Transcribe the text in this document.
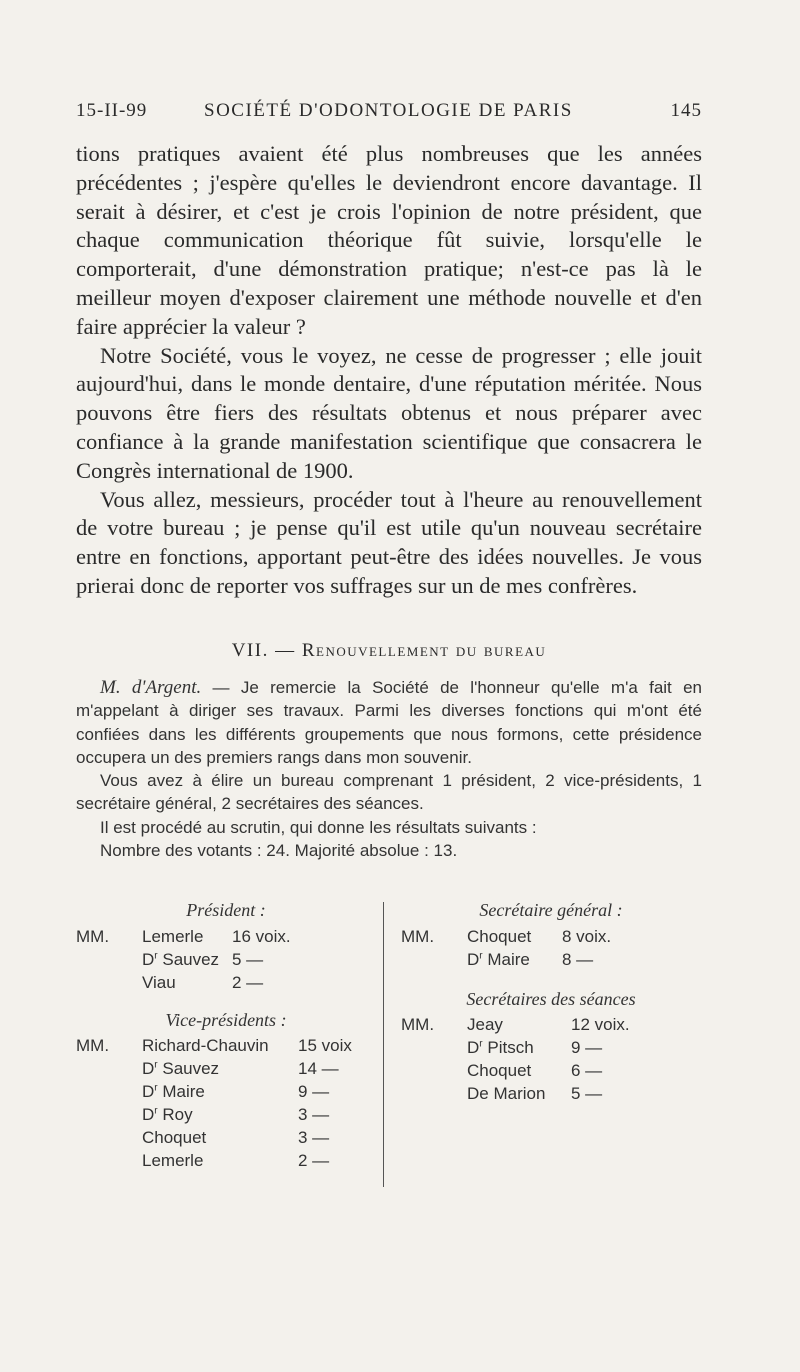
15-II-99	SOCIÉTÉ D'ODONTOLOGIE DE PARIS	145

tions pratiques avaient été plus nombreuses que les années précédentes ; j'espère qu'elles le deviendront encore davantage. Il serait à désirer, et c'est je crois l'opinion de notre président, que chaque communication théorique fût suivie, lorsqu'elle le comporterait, d'une démonstration pratique; n'est-ce pas là le meilleur moyen d'exposer clairement une méthode nouvelle et d'en faire apprécier la valeur ?

Notre Société, vous le voyez, ne cesse de progresser ; elle jouit aujourd'hui, dans le monde dentaire, d'une réputation méritée. Nous pouvons être fiers des résultats obtenus et nous préparer avec confiance à la grande manifestation scientifique que consacrera le Congrès international de 1900.

Vous allez, messieurs, procéder tout à l'heure au renouvellement de votre bureau ; je pense qu'il est utile qu'un nouveau secrétaire entre en fonctions, apportant peut-être des idées nouvelles. Je vous prierai donc de reporter vos suffrages sur un de mes confrères.

VII. — Renouvellement du bureau

M. d'Argent. — Je remercie la Société de l'honneur qu'elle m'a fait en m'appelant à diriger ses travaux. Parmi les diverses fonctions qui m'ont été confiées dans les différents groupements que nous formons, cette présidence occupera un des premiers rangs dans mon souvenir.

Vous avez à élire un bureau comprenant 1 président, 2 vice-présidents, 1 secrétaire général, 2 secrétaires des séances.

Il est procédé au scrutin, qui donne les résultats suivants :

Nombre des votants : 24. Majorité absolue : 13.

Président :
MM. Lemerle 16 voix.
$D^r$ Sauvez 5 —
Viau	2 —
Vice-présidents :
MM. Richard-Chauvin 15 voix
$D^r$ Sauvez	14 —
$D^r$ Maire	9 —
$D^r$ Roy	3 —
Choquet	3 —
Lemerle	2 —
Secrétaire général :
MM. Choquet 8 voix.
$D^r$ Maire 8 —
Secrétaires des séances
MM. Jeay	12 voix.
$D^r$ Pitsch 9 —
Choquet 6 —
De Marion 5 —
